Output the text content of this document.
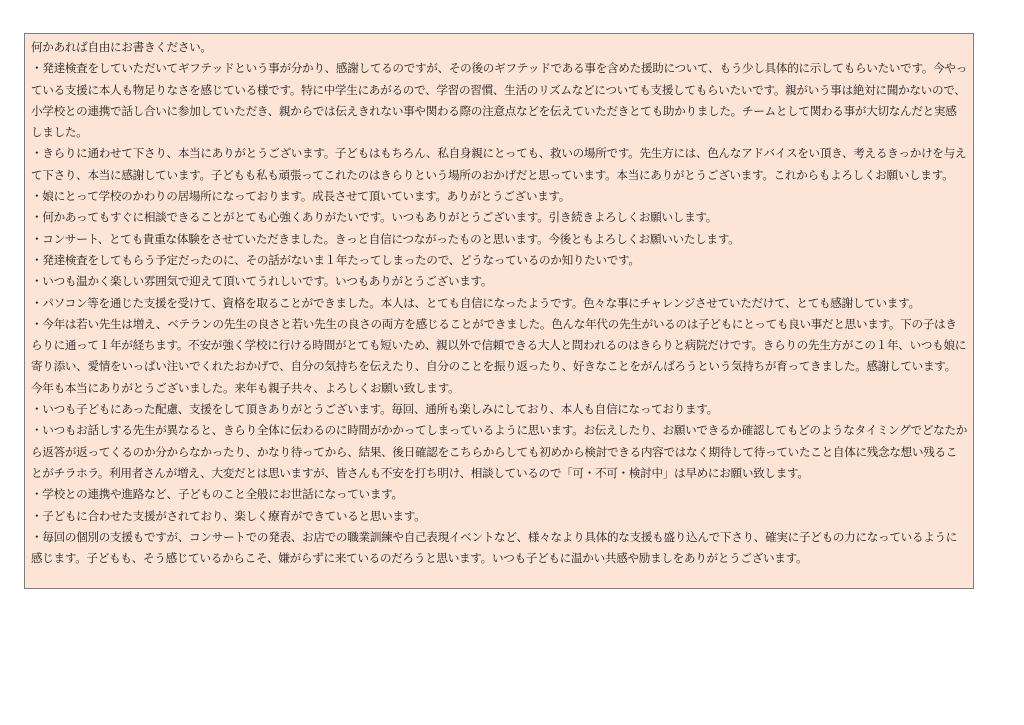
何かあれば自由にお書きください。

・発達検査をしていただいてギフテッドという事が分かり、感謝してるのですが、その後のギフテッドである事を含めた援助について、もう少し具体的に示してもらいたいです。今やっている支援に本人も物足りなさを感じている様です。特に中学生にあがるので、学習の習慣、生活のリズムなどについても支援してもらいたいです。親がいう事は絶対に聞かないので、小学校との連携で話し合いに参加していただき、親からでは伝えきれない事や関わる際の注意点などを伝えていただきとても助かりました。チームとして関わる事が大切なんだと実感しました。

・きらりに通わせて下さり、本当にありがとうございます。子どもはもちろん、私自身親にとっても、救いの場所です。先生方には、色んなアドバイスをい頂き、考えるきっかけを与えて下さり、本当に感謝しています。子どもも私も頑張ってこれたのはきらりという場所のおかげだと思っています。本当にありがとうございます。これからもよろしくお願いします。

・娘にとって学校のかわりの居場所になっております。成長させて頂いています。ありがとうございます。

・何かあってもすぐに相談できることがとても心強くありがたいです。いつもありがとうございます。引き続きよろしくお願いします。

・コンサート、とても貴重な体験をさせていただきました。きっと自信につながったものと思います。今後ともよろしくお願いいたします。

・発達検査をしてもらう予定だったのに、その話がないま１年たってしまったので、どうなっているのか知りたいです。

・いつも温かく楽しい雰囲気で迎えて頂いてうれしいです。いつもありがとうございます。

・パソコン等を通じた支援を受けて、資格を取ることができました。本人は、とても自信になったようです。色々な事にチャレンジさせていただけて、とても感謝しています。

・今年は若い先生は増え、ベテランの先生の良さと若い先生の良さの両方を感じることができました。色んな年代の先生がいるのは子どもにとっても良い事だと思います。下の子はきらりに通って１年が経ちます。不安が強く学校に行ける時間がとても短いため、親以外で信頼できる大人と問われるのはきらりと病院だけです。きらりの先生方がこの１年、いつも娘に寄り添い、愛情をいっぱい注いでくれたおかげで、自分の気持ちを伝えたり、自分のことを振り返ったり、好きなことをがんばろうという気持ちが育ってきました。感謝しています。今年も本当にありがとうございました。来年も親子共々、よろしくお願い致します。

・いつも子どもにあった配慮、支援をして頂きありがとうございます。毎回、通所も楽しみにしており、本人も自信になっております。

・いつもお話しする先生が異なると、きらり全体に伝わるのに時間がかかってしまっているように思います。お伝えしたり、お願いできるか確認してもどのようなタイミングでどなたから返答が返ってくるのか分からなかったり、かなり待ってから、結果、後日確認をこちらからしても初めから検討できる内容ではなく期待して待っていたこと自体に残念な想い残ることがチラホラ。利用者さんが増え、大変だとは思いますが、皆さんも不安を打ち明け、相談しているので「可・不可・検討中」は早めにお願い致します。

・学校との連携や進路など、子どものこと全般にお世話になっています。

・子どもに合わせた支援がされており、楽しく療育ができていると思います。

・毎回の個別の支援もですが、コンサートでの発表、お店での職業訓練や自己表現イベントなど、様々なより具体的な支援も盛り込んで下さり、確実に子どもの力になっているように感じます。子どもも、そう感じているからこそ、嫌がらずに来ているのだろうと思います。いつも子どもに温かい共感や励ましをありがとうございます。
